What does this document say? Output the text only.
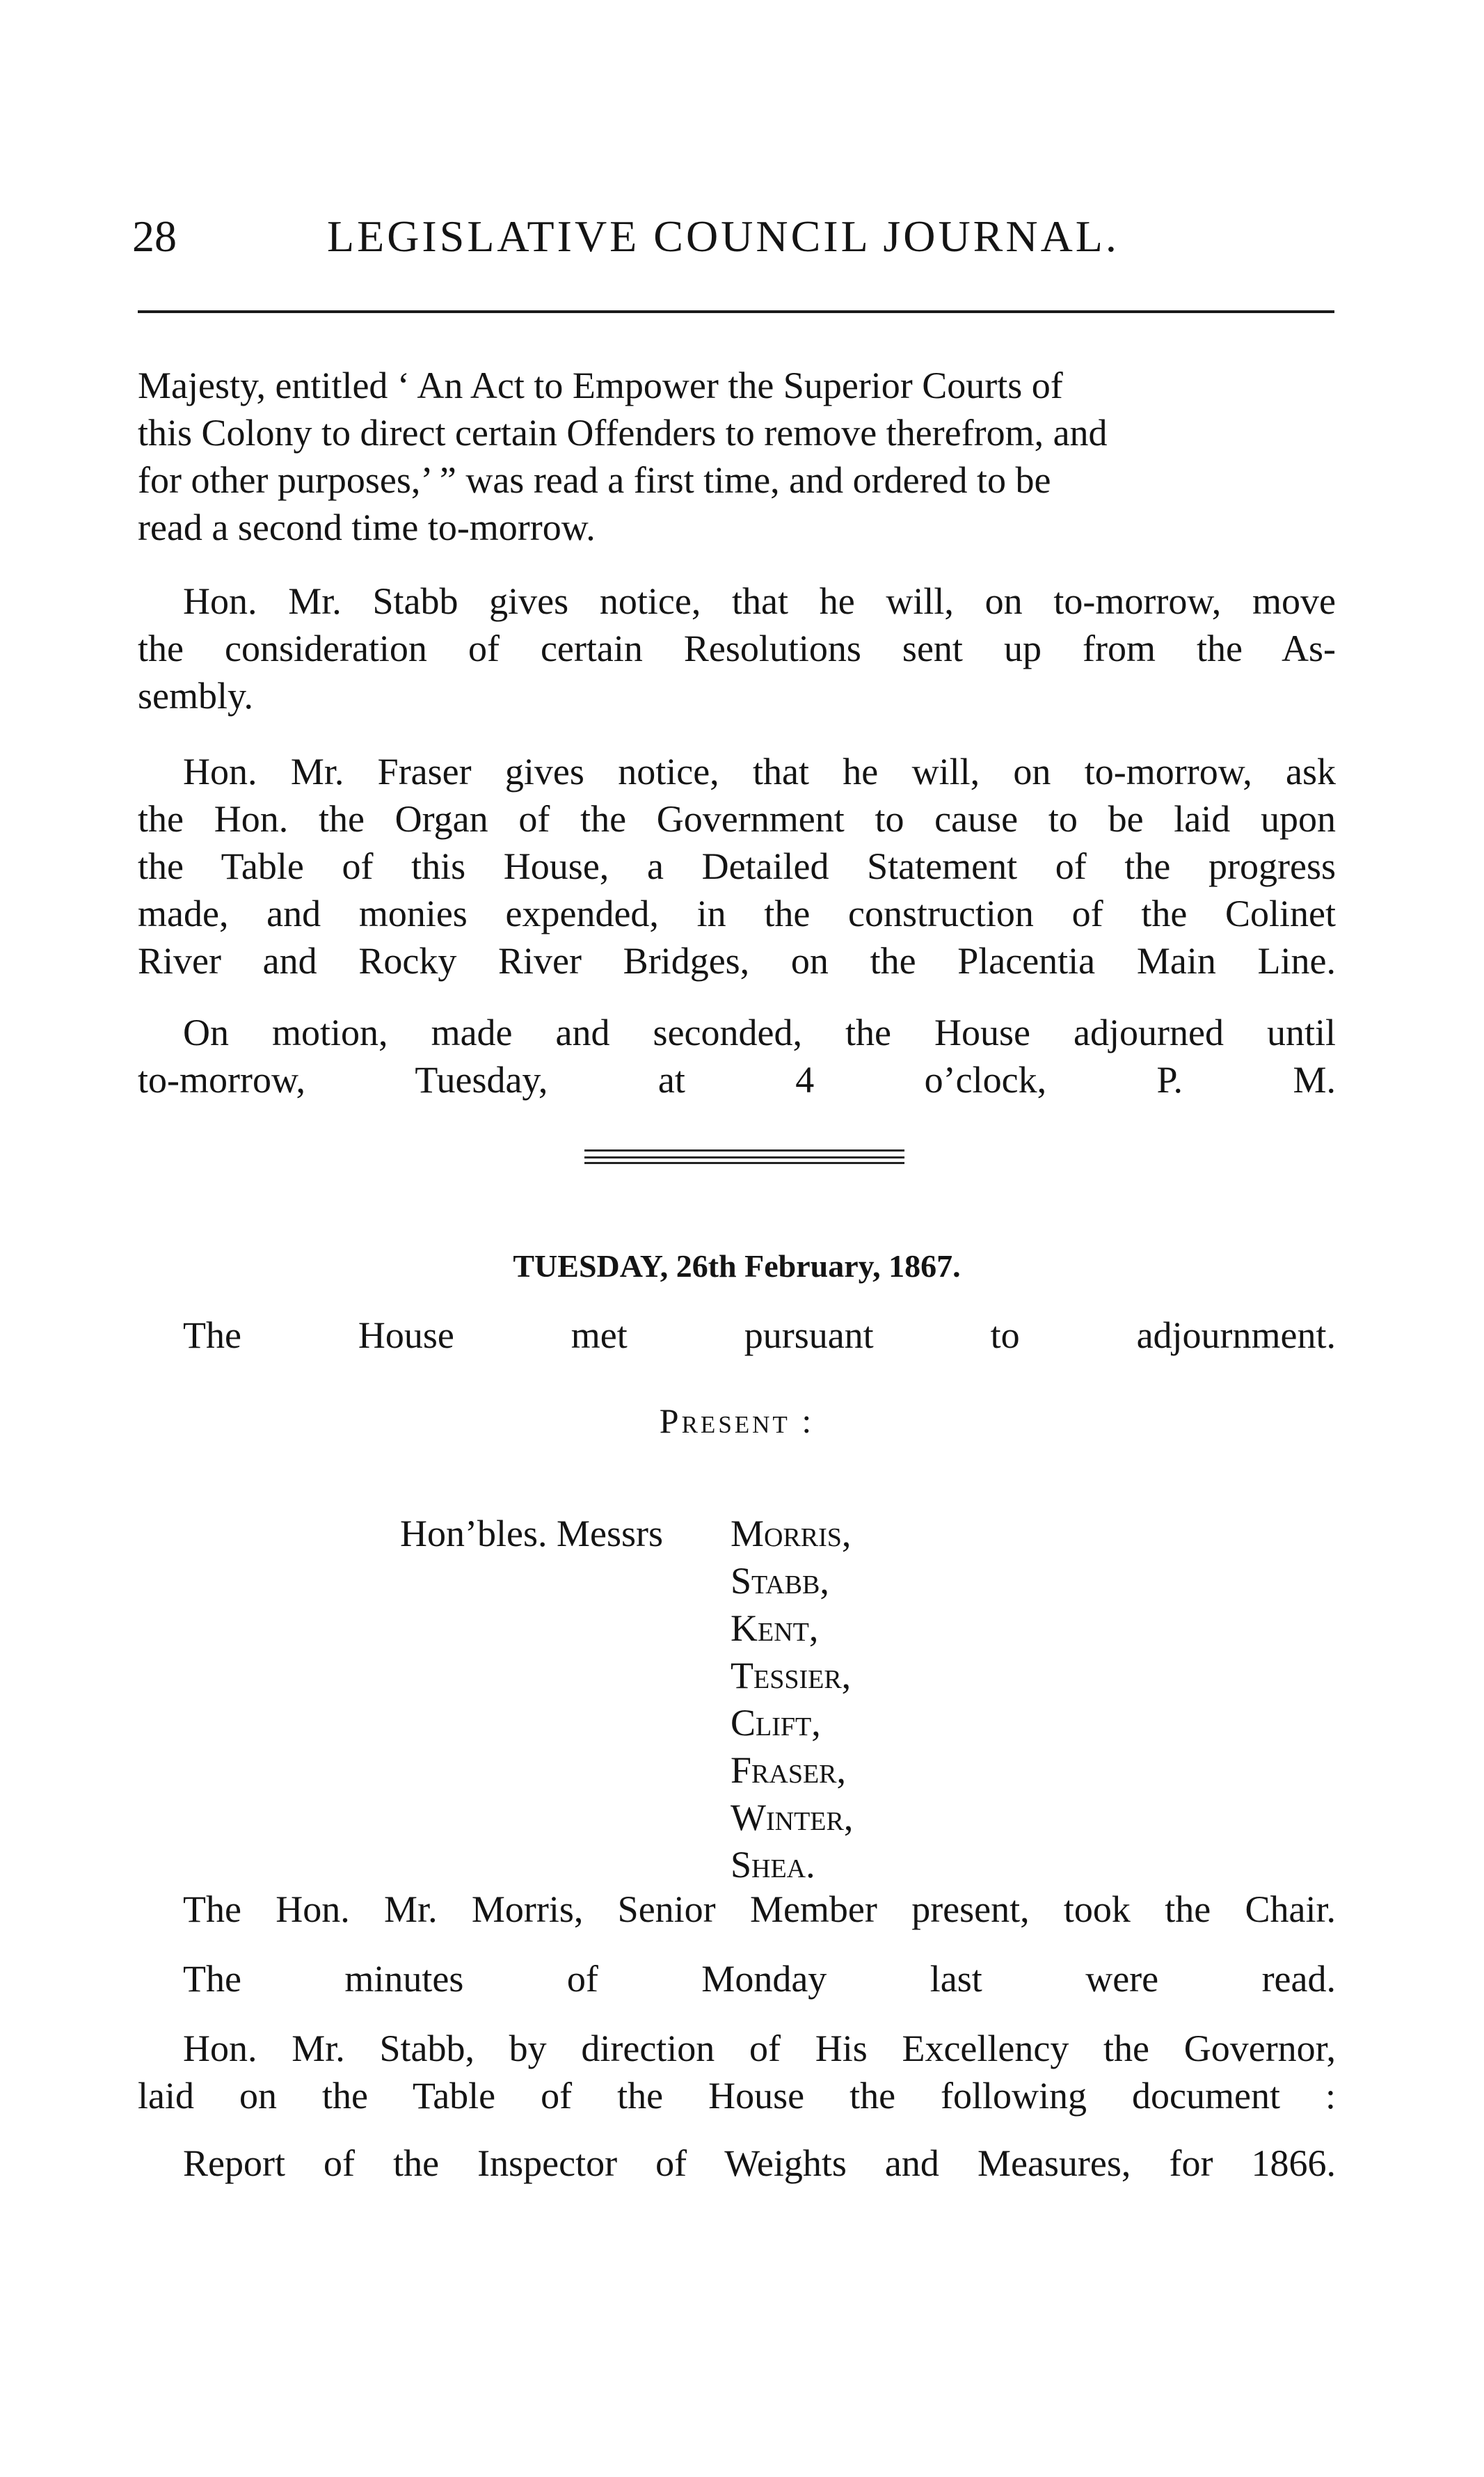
28	LEGISLATIVE COUNCIL JOURNAL.
Majesty, entitled ‘ An Act to Empower the Superior Courts of
this Colony to direct certain Offenders to remove therefrom, and
for other purposes,’ ” was read a first time, and ordered to be
read a second time to-morrow.
Hon. Mr. Stabb gives notice, that he will, on to-morrow, move
the consideration of certain Resolutions sent up from the As-
sembly.
Hon. Mr. Fraser gives notice, that he will, on to-morrow, ask
the Hon. the Organ of the Government to cause to be laid upon
the Table of this House, a Detailed Statement of the progress
made, and monies expended, in the construction of the Colinet
River and Rocky River Bridges, on the Placentia Main Line.
On motion, made and seconded, the House adjourned until
to-morrow, Tuesday, at 4 o’clock, P. M.
TUESDAY, 26th February, 1867.
The House met pursuant to adjournment.
Present :
Hon’bles. Messrs Morris,
Stabb,
Kent,
Tessier,
Clift,
Fraser,
Winter,
Shea.
The Hon. Mr. Morris, Senior Member present, took the Chair.
The minutes of Monday last were read.
Hon. Mr. Stabb, by direction of His Excellency the Governor,
laid on the Table of the House the following document :
Report of the Inspector of Weights and Measures, for 1866.
